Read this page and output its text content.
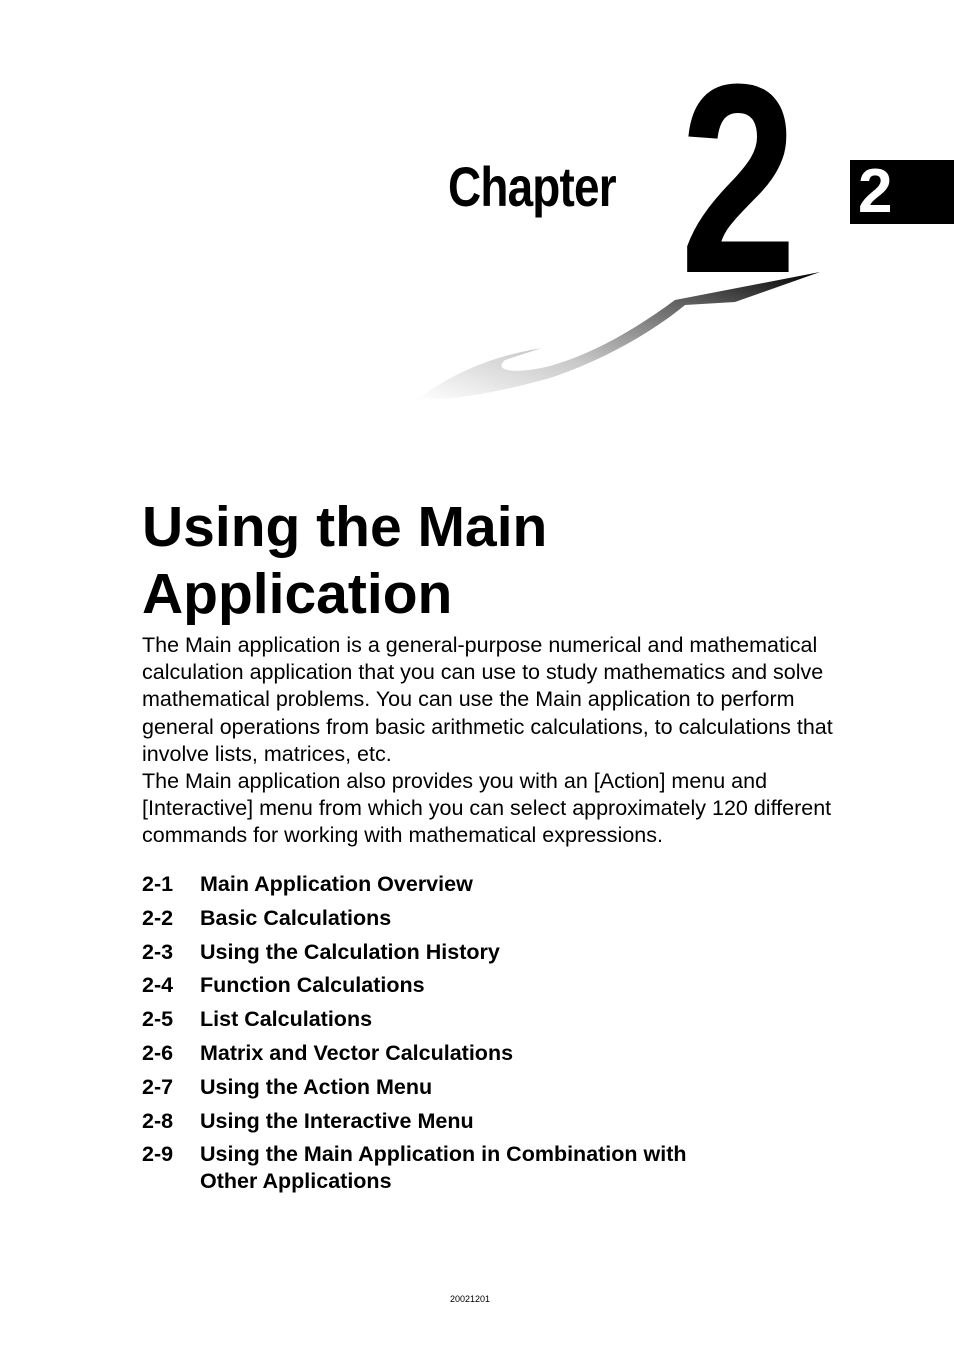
Chapter 2 2
Using the Main
Application

The Main application is a general-purpose numerical and mathematical calculation application that you can use to study mathematics and solve mathematical problems. You can use the Main application to perform general operations from basic arithmetic calculations, to calculations that involve lists, matrices, etc.

The Main application also provides you with an [Action] menu and [Interactive] menu from which you can select approximately 120 different commands for working with mathematical expressions.

2-1	Main Application Overview
2-2	Basic Calculations
2-3	Using the Calculation History
2-4	Function Calculations
2-5	List Calculations
2-6	Matrix and Vector Calculations
2-7	Using the Action Menu
2-8	Using the Interactive Menu
2-9	Using the Main Application in Combination with Other Applications
20021201
